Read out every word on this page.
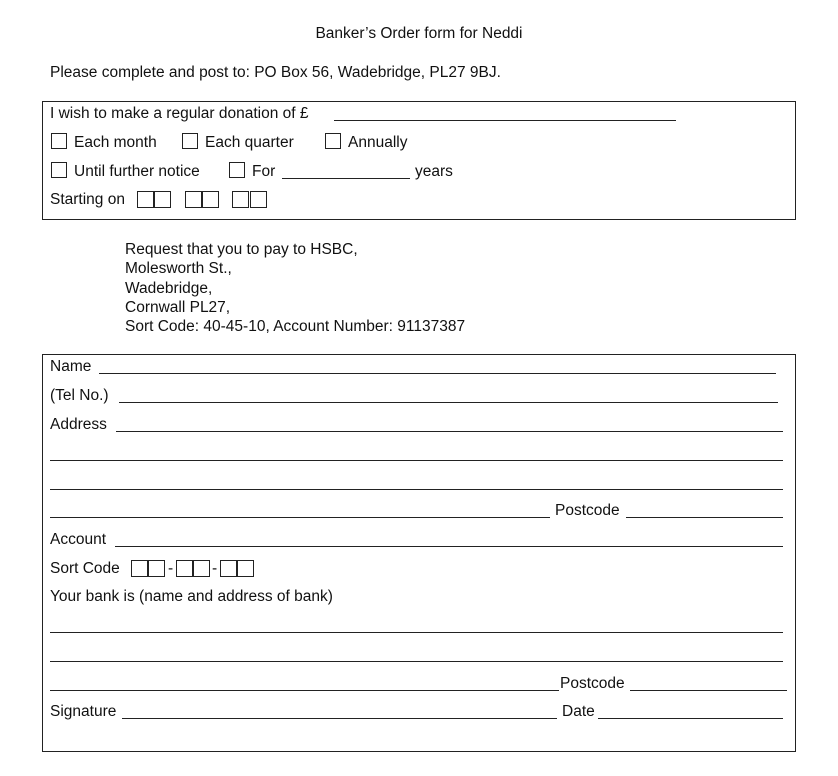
Banker’s Order form for Neddi
Please complete and post to: PO Box 56, Wadebridge, PL27 9BJ.
I wish to make a regular donation of £
Each month	Each quarter	Annually
Until further notice	For	years
Starting on
Request that you to pay to HSBC,
Molesworth St.,
Wadebridge,
Cornwall PL27,
Sort Code: 40-45-10, Account Number: 91137387
Name
(Tel No.)
Address
Postcode
Account
Sort Code	-	-
Your bank is (name and address of bank)
Postcode
Signature	Date
